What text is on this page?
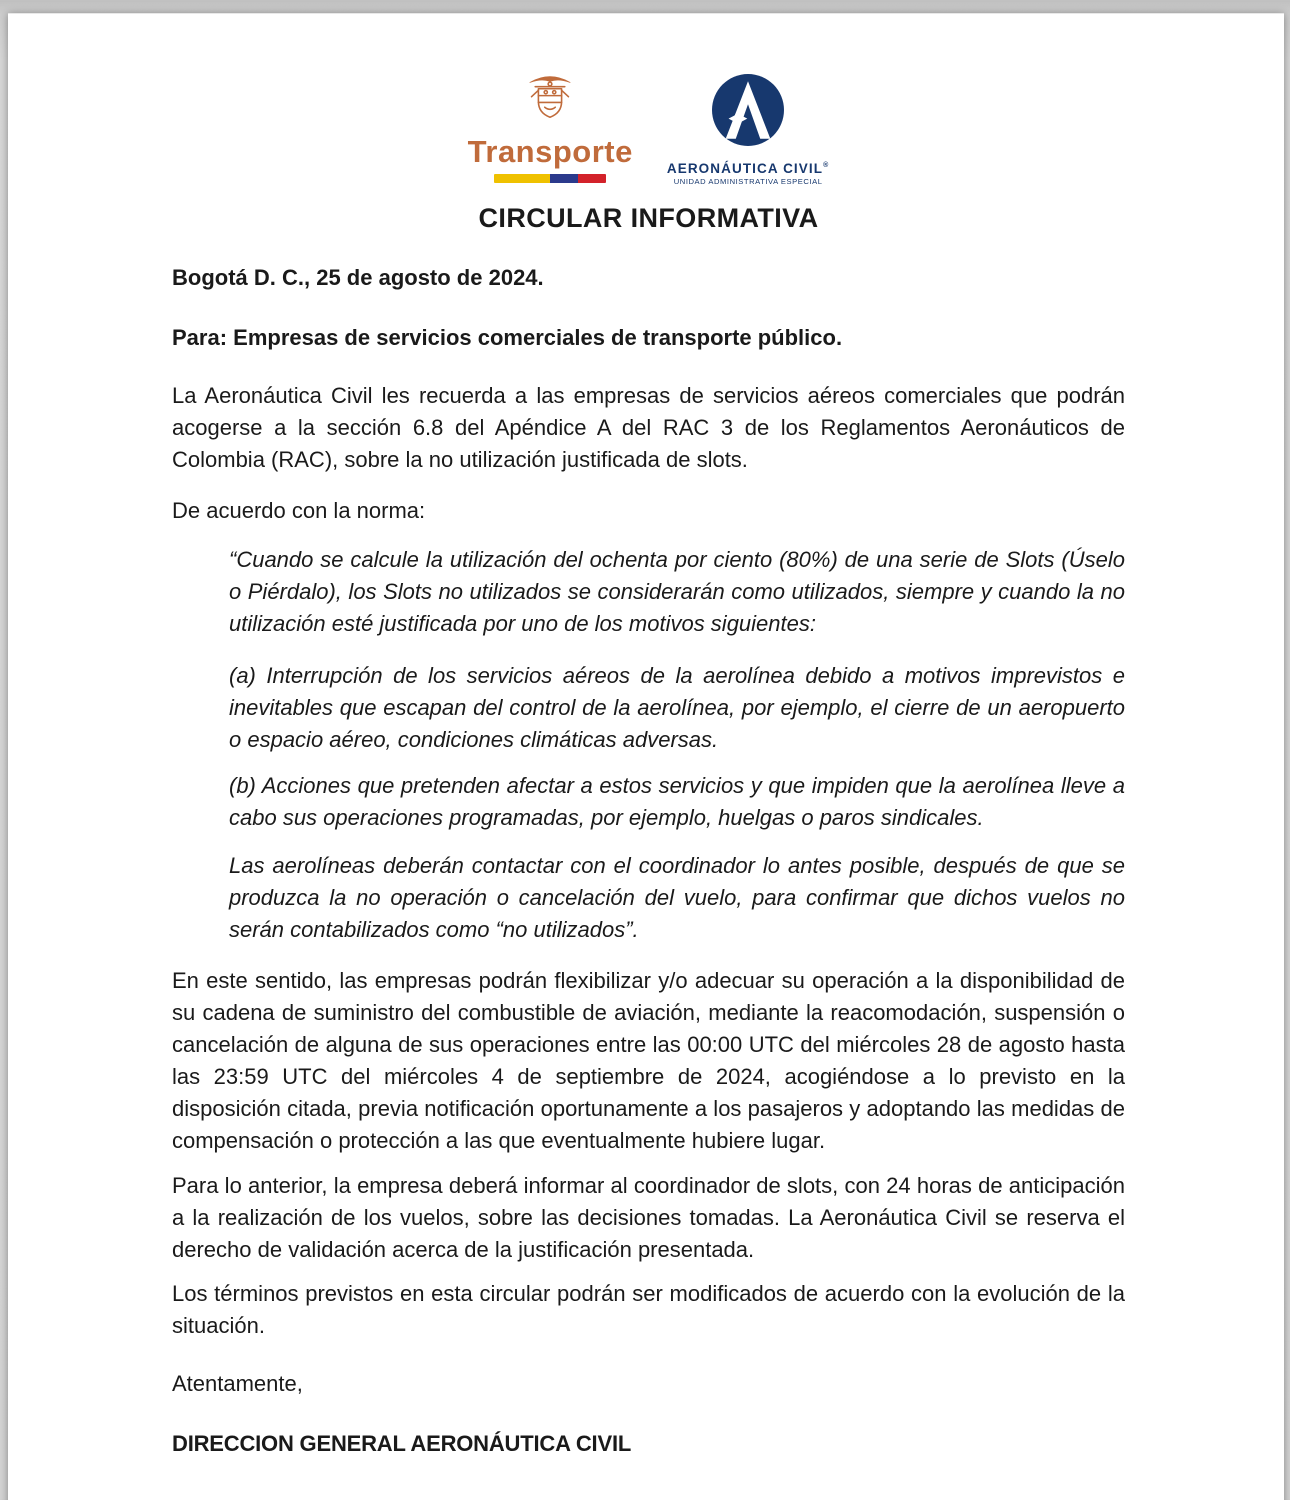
Transporte	AERONÁUTICA CIVIL®
UNIDAD ADMINISTRATIVA ESPECIAL
CIRCULAR INFORMATIVA

Bogotá D. C., 25 de agosto de 2024.

Para: Empresas de servicios comerciales de transporte público.

La Aeronáutica Civil les recuerda a las empresas de servicios aéreos comerciales que podrán acogerse a la sección 6.8 del Apéndice A del RAC 3 de los Reglamentos Aeronáuticos de Colombia (RAC), sobre la no utilización justificada de slots.

De acuerdo con la norma:

“Cuando se calcule la utilización del ochenta por ciento (80%) de una serie de Slots (Úselo o Piérdalo), los Slots no utilizados se considerarán como utilizados, siempre y cuando la no utilización esté justificada por uno de los motivos siguientes:

(a) Interrupción de los servicios aéreos de la aerolínea debido a motivos imprevistos e inevitables que escapan del control de la aerolínea, por ejemplo, el cierre de un aeropuerto o espacio aéreo, condiciones climáticas adversas.

(b) Acciones que pretenden afectar a estos servicios y que impiden que la aerolínea lleve a cabo sus operaciones programadas, por ejemplo, huelgas o paros sindicales.

Las aerolíneas deberán contactar con el coordinador lo antes posible, después de que se produzca la no operación o cancelación del vuelo, para confirmar que dichos vuelos no serán contabilizados como “no utilizados”.

En este sentido, las empresas podrán flexibilizar y/o adecuar su operación a la disponibilidad de su cadena de suministro del combustible de aviación, mediante la reacomodación, suspensión o cancelación de alguna de sus operaciones entre las 00:00 UTC del miércoles 28 de agosto hasta las 23:59 UTC del miércoles 4 de septiembre de 2024, acogiéndose a lo previsto en la disposición citada, previa notificación oportunamente a los pasajeros y adoptando las medidas de compensación o protección a las que eventualmente hubiere lugar.

Para lo anterior, la empresa deberá informar al coordinador de slots, con 24 horas de anticipación a la realización de los vuelos, sobre las decisiones tomadas. La Aeronáutica Civil se reserva el derecho de validación acerca de la justificación presentada.

Los términos previstos en esta circular podrán ser modificados de acuerdo con la evolución de la situación.

Atentamente,

DIRECCION GENERAL AERONÁUTICA CIVIL
